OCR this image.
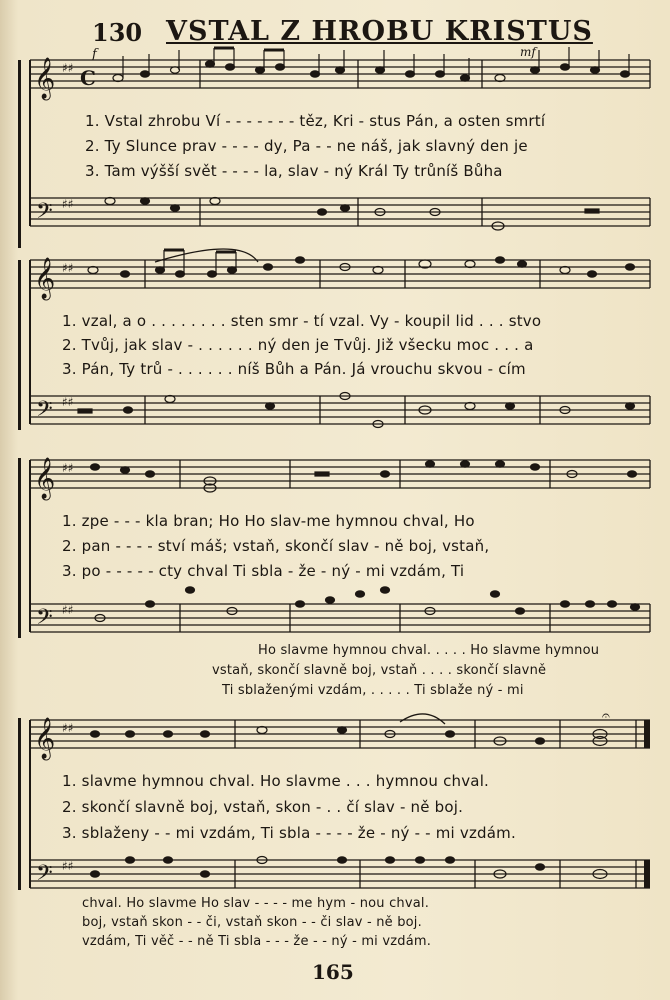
130 VSTAL Z HROBU KRISTUS
𝄞
𝄢
♯♯
♯♯
C
f	mf
1. Vstal zhrobu Ví - - - - - - - těz, Kri - stus Pán, a osten smrtí
2. Ty Slunce prav - - - - dy, Pa - - ne náš, jak slavný den je
3. Tam výšší svět - - - - la, slav - ný Král Ty trůníš Bůha
𝄞
𝄢
♯♯
♯♯
1. vzal, a o . . . . . . . . sten smr - tí vzal. Vy - koupil lid . . . stvo
2. Tvůj, jak slav - . . . . . . ný den je Tvůj. Již všecku moc . . . a
3. Pán, Ty trů - . . . . . . níš Bůh a Pán. Já vrouchu skvou - cím
𝄞
𝄢
♯♯
♯♯
1. zpe - - - kla bran; Ho Ho slav-me hymnou chval, Ho
2. pan - - - - ství máš; vstaň, skončí slav - ně boj, vstaň,
3. po - - - - - cty chval Ti sbla - že - ný - mi vzdám, Ti
Ho slavme hymnou chval. . . . . Ho slavme hymnou
vstaň, skončí slavně boj, vstaň . . . . skončí slavně
Ti sblaženými vzdám, . . . . . Ti sblaže ný - mi
𝄞
𝄢
♯♯
♯♯
𝄐
1. slavme hymnou chval. Ho slavme . . . hymnou chval.
2. skončí slavně boj, vstaň, skon - . . čí slav - ně boj.
3. sblaženy - - mi vzdám, Ti sbla - - - - že - ný - - mi vzdám.
chval. Ho slavme Ho slav - - - - me hym - nou chval.
boj, vstaň skon - - či, vstaň skon - - či slav - ně boj.
vzdám, Ti věč - - ně Ti sbla - - - že - - ný - mi vzdám.
165
